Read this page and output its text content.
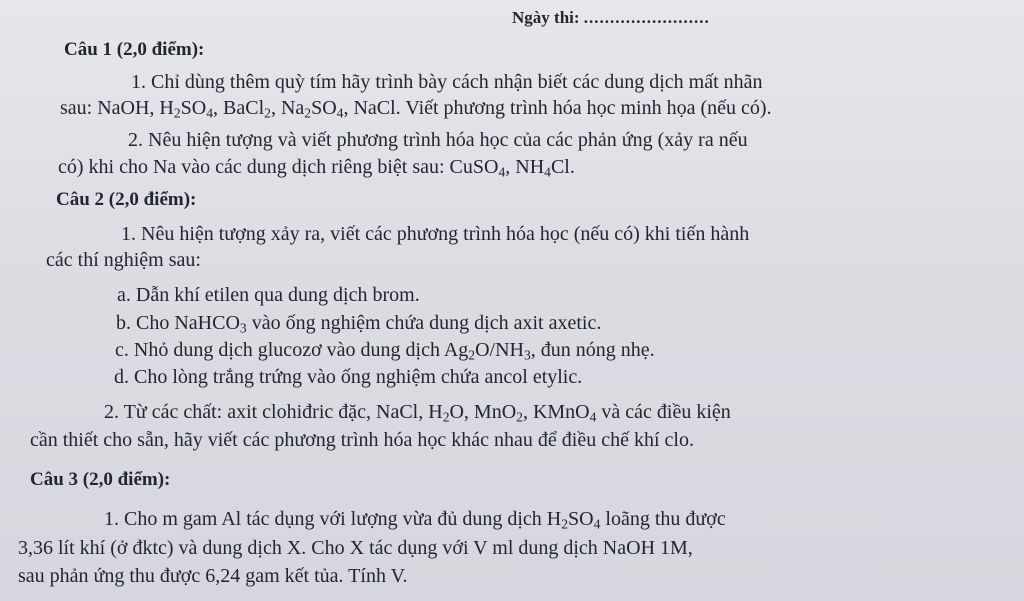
Ngày thi: ........................
Câu 1 (2,0 điểm):
1. Chỉ dùng thêm quỳ tím hãy trình bày cách nhận biết các dung dịch mất nhãn
sau: NaOH, $H_2SO_4$, BaCl$_2$, $Na_2SO_4$, NaCl. Viết phương trình hóa học minh họa (nếu có).
2. Nêu hiện tượng và viết phương trình hóa học của các phản ứng (xảy ra nếu
có) khi cho Na vào các dung dịch riêng biệt sau: CuSO$_4$, $NH_4Cl$.
Câu 2 (2,0 điểm):
1. Nêu hiện tượng xảy ra, viết các phương trình hóa học (nếu có) khi tiến hành
các thí nghiệm sau:
a. Dẫn khí etilen qua dung dịch brom.
b. Cho NaHCO$_3$ vào ống nghiệm chứa dung dịch axit axetic.
c. Nhỏ dung dịch glucozơ vào dung dịch $Ag_2O/NH_3$, đun nóng nhẹ.
d. Cho lòng trắng trứng vào ống nghiệm chứa ancol etylic.
2. Từ các chất: axit clohiđric đặc, NaCl, $H_2O$, MnO$_2$, KMnO$_4$ và các điều kiện
cần thiết cho sẵn, hãy viết các phương trình hóa học khác nhau để điều chế khí clo.
Câu 3 (2,0 điểm):
1. Cho m gam Al tác dụng với lượng vừa đủ dung dịch $H_2SO_4$ loãng thu được
3,36 lít khí (ở đktc) và dung dịch X. Cho X tác dụng với V ml dung dịch NaOH 1M,
sau phản ứng thu được 6,24 gam kết tủa. Tính V.
